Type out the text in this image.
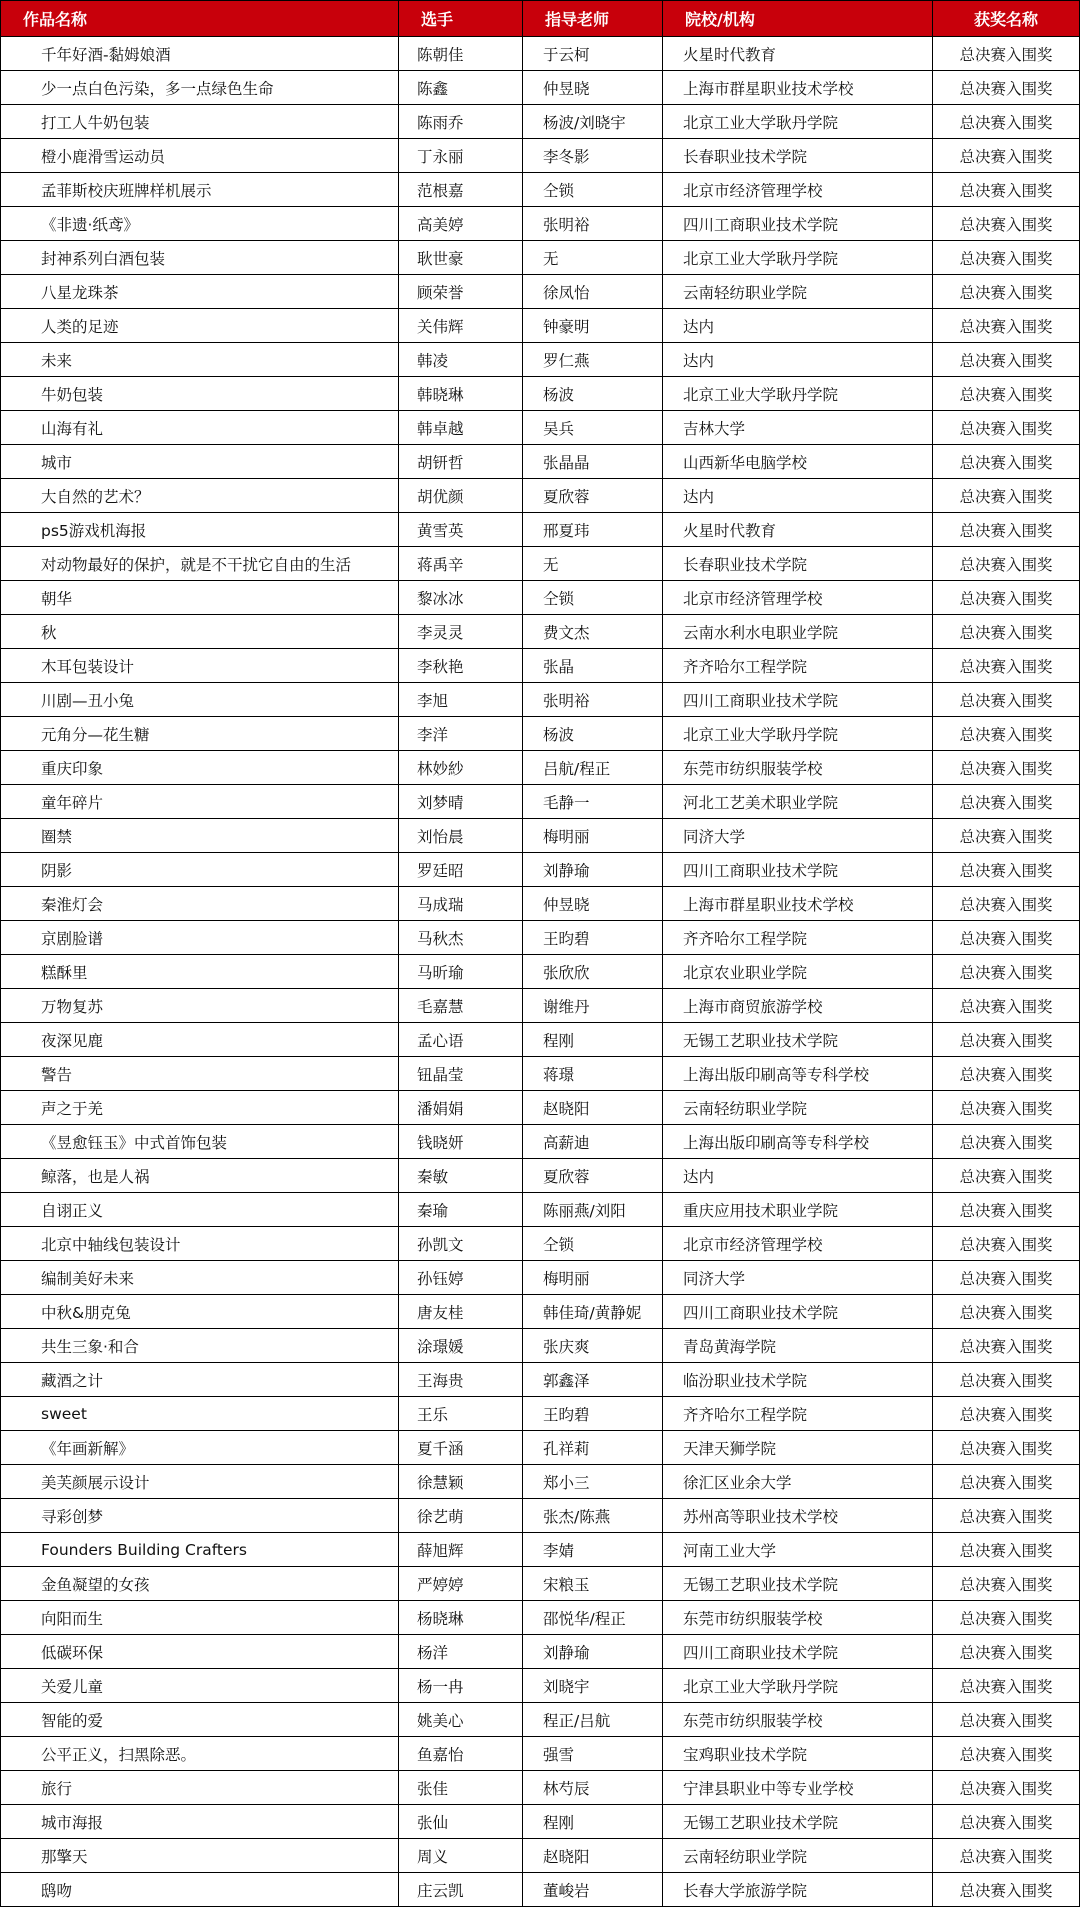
作品名称	选手	指导老师	院校/机构	获奖名称
千年好酒-黏姆娘酒	陈朝佳	于云柯	火星时代教育	总决赛入围奖
少一点白色污染，多一点绿色生命	陈鑫	仲昱晓	上海市群星职业技术学校	总决赛入围奖
打工人牛奶包装	陈雨乔	杨波/刘晓宇	北京工业大学耿丹学院	总决赛入围奖
橙小鹿滑雪运动员	丁永丽	李冬影	长春职业技术学院	总决赛入围奖
孟菲斯校庆班牌样机展示	范根嘉	仝锁	北京市经济管理学校	总决赛入围奖
《非遗·纸鸢》	高美婷	张明裕	四川工商职业技术学院	总决赛入围奖
封神系列白酒包装	耿世豪	无	北京工业大学耿丹学院	总决赛入围奖
八星龙珠茶	顾荣誉	徐凤怡	云南轻纺职业学院	总决赛入围奖
人类的足迹	关伟辉	钟豪明	达内	总决赛入围奖
未来	韩凌	罗仁燕	达内	总决赛入围奖
牛奶包装	韩晓琳	杨波	北京工业大学耿丹学院	总决赛入围奖
山海有礼	韩卓越	吴兵	吉林大学	总决赛入围奖
城市	胡钘哲	张晶晶	山西新华电脑学校	总决赛入围奖
大自然的艺术？	胡优颜	夏欣蓉	达内	总决赛入围奖
ps5游戏机海报	黄雪英	邢夏玮	火星时代教育	总决赛入围奖
对动物最好的保护，就是不干扰它自由的生活	蒋禹辛	无	长春职业技术学院	总决赛入围奖
朝华	黎冰冰	仝锁	北京市经济管理学校	总决赛入围奖
秋	李灵灵	费文杰	云南水利水电职业学院	总决赛入围奖
木耳包装设计	李秋艳	张晶	齐齐哈尔工程学院	总决赛入围奖
川剧—丑小兔	李旭	张明裕	四川工商职业技术学院	总决赛入围奖
元角分—花生糖	李洋	杨波	北京工业大学耿丹学院	总决赛入围奖
重庆印象	林妙紗	吕航/程正	东莞市纺织服装学校	总决赛入围奖
童年碎片	刘梦晴	毛静一	河北工艺美术职业学院	总决赛入围奖
圈禁	刘怡晨	梅明丽	同济大学	总决赛入围奖
阴影	罗廷昭	刘静瑜	四川工商职业技术学院	总决赛入围奖
秦淮灯会	马成瑞	仲昱晓	上海市群星职业技术学校	总决赛入围奖
京剧脸谱	马秋杰	王昀碧	齐齐哈尔工程学院	总决赛入围奖
糕酥里	马昕瑜	张欣欣	北京农业职业学院	总决赛入围奖
万物复苏	毛嘉慧	谢维丹	上海市商贸旅游学校	总决赛入围奖
夜深见鹿	孟心语	程刚	无锡工艺职业技术学院	总决赛入围奖
警告	钮晶莹	蒋璟	上海出版印刷高等专科学校	总决赛入围奖
声之于羌	潘娟娟	赵晓阳	云南轻纺职业学院	总决赛入围奖
《昱愈钰玉》中式首饰包装	钱晓妍	高薪迪	上海出版印刷高等专科学校	总决赛入围奖
鲸落，也是人祸	秦敏	夏欣蓉	达内	总决赛入围奖
自诩正义	秦瑜	陈丽燕/刘阳	重庆应用技术职业学院	总决赛入围奖
北京中轴线包装设计	孙凯文	仝锁	北京市经济管理学校	总决赛入围奖
编制美好未来	孙钰婷	梅明丽	同济大学	总决赛入围奖
中秋&朋克兔	唐友桂	韩佳琦/黄静妮	四川工商职业技术学院	总决赛入围奖
共生三象·和合	涂璟媛	张庆爽	青岛黄海学院	总决赛入围奖
藏酒之计	王海贵	郭鑫泽	临汾职业技术学院	总决赛入围奖
sweet	王乐	王昀碧	齐齐哈尔工程学院	总决赛入围奖
《年画新解》	夏千涵	孔祥莉	天津天狮学院	总决赛入围奖
美芙颜展示设计	徐慧颖	郑小三	徐汇区业余大学	总决赛入围奖
寻彩创梦	徐艺萌	张杰/陈燕	苏州高等职业技术学校	总决赛入围奖
Founders Building Crafters	薛旭辉	李婧	河南工业大学	总决赛入围奖
金鱼凝望的女孩	严婷婷	宋粮玉	无锡工艺职业技术学院	总决赛入围奖
向阳而生	杨晓琳	邵悦华/程正	东莞市纺织服装学校	总决赛入围奖
低碳环保	杨洋	刘静瑜	四川工商职业技术学院	总决赛入围奖
关爱儿童	杨一冉	刘晓宇	北京工业大学耿丹学院	总决赛入围奖
智能的爱	姚美心	程正/吕航	东莞市纺织服装学校	总决赛入围奖
公平正义，扫黑除恶。	鱼嘉怡	强雪	宝鸡职业技术学院	总决赛入围奖
旅行	张佳	林芍辰	宁津县职业中等专业学校	总决赛入围奖
城市海报	张仙	程刚	无锡工艺职业技术学院	总决赛入围奖
那擎天	周义	赵晓阳	云南轻纺职业学院	总决赛入围奖
鸱吻	庄云凯	董峻岩	长春大学旅游学院	总决赛入围奖
